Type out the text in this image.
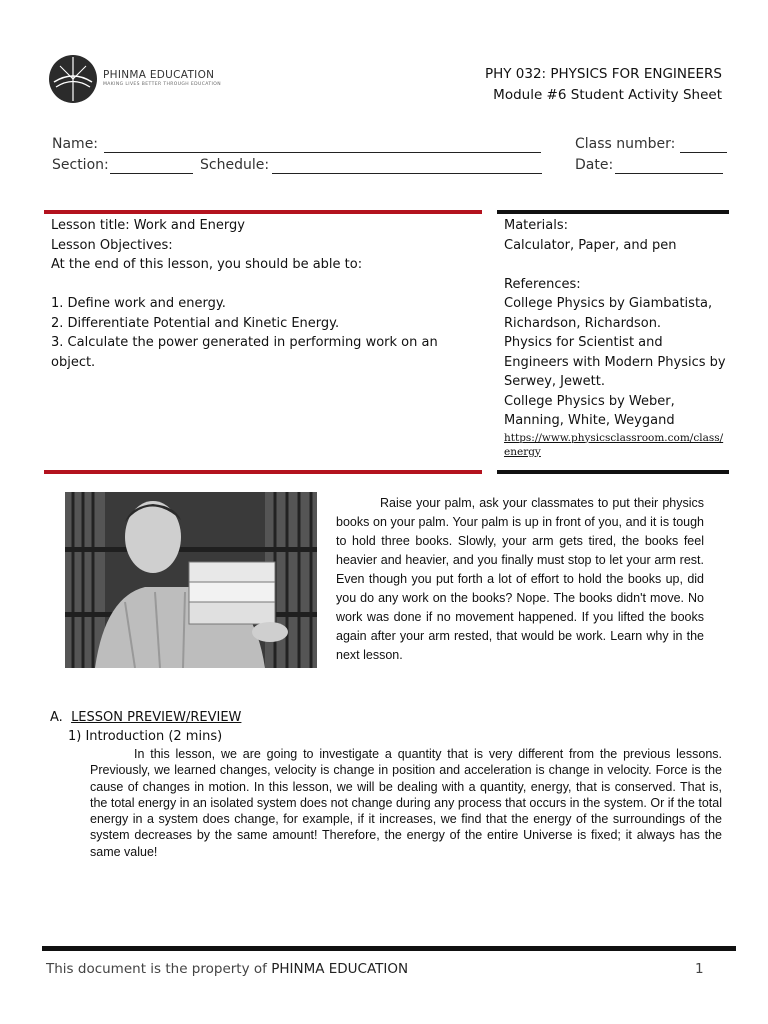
PHINMA EDUCATION
MAKING LIVES BETTER THROUGH EDUCATION
PHY 032: PHYSICS FOR ENGINEERS
Module #6 Student Activity Sheet
Name:	Class number:
Section:	Schedule:	Date:
Lesson title: Work and Energy
Lesson Objectives:
At the end of this lesson, you should be able to:
1. Define work and energy.
2. Differentiate Potential and Kinetic Energy.
3. Calculate the power generated in performing work on an object.
Materials:
Calculator, Paper, and pen
References:
College Physics by Giambatista, Richardson, Richardson.
Physics for Scientist and Engineers with Modern Physics by Serwey, Jewett.
College Physics by Weber, Manning, White, Weygand
https://www.physicsclassroom.com/class/energy
Raise your palm, ask your classmates to put their physics books on your palm. Your palm is up in front of you, and it is tough to hold three books. Slowly, your arm gets tired, the books feel heavier and heavier, and you finally must stop to let your arm rest. Even though you put forth a lot of effort to hold the books up, did you do any work on the books? Nope. The books didn't move. No work was done if no movement happened. If you lifted the books again after your arm rested, that would be work. Learn why in the next lesson.
A. LESSON PREVIEW/REVIEW
1) Introduction (2 mins)
In this lesson, we are going to investigate a quantity that is very different from the previous lessons. Previously, we learned changes, velocity is change in position and acceleration is change in velocity. Force is the cause of changes in motion. In this lesson, we will be dealing with a quantity, energy, that is conserved. That is, the total energy in an isolated system does not change during any process that occurs in the system. Or if the total energy in a system does change, for example, if it increases, we find that the energy of the surroundings of the system decreases by the same amount! Therefore, the energy of the entire Universe is fixed; it always has the same value!
This document is the property of PHINMA EDUCATION	1
